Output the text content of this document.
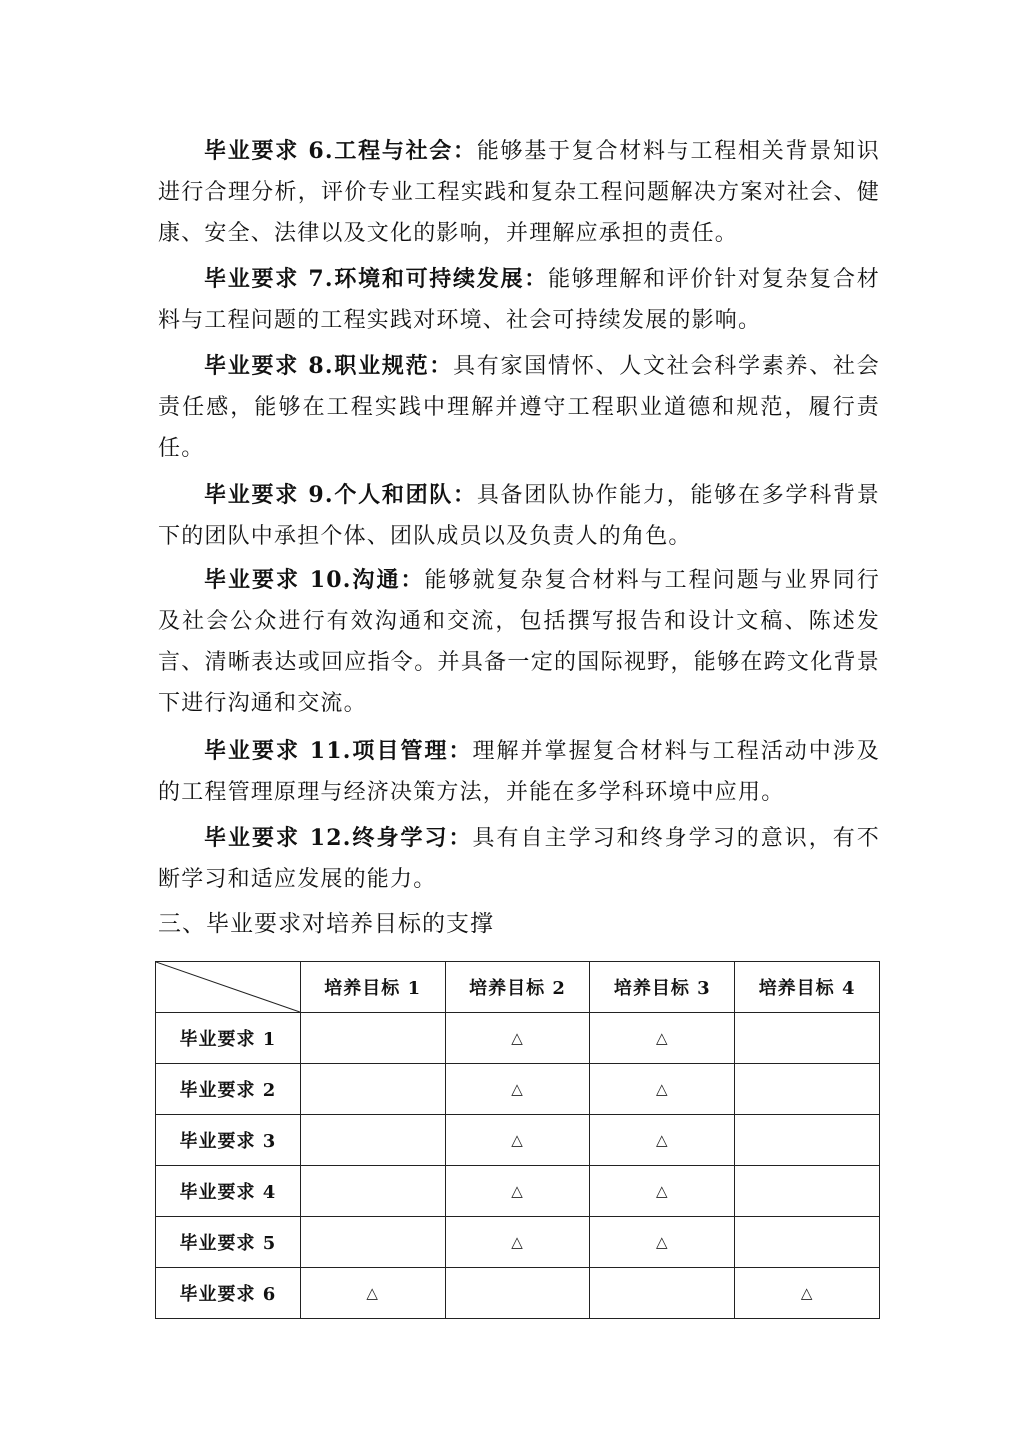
毕业要求 6.工程与社会：能够基于复合材料与工程相关背景知识进行合理分析，评价专业工程实践和复杂工程问题解决方案对社会、健康、安全、法律以及文化的影响，并理解应承担的责任。

毕业要求 7.环境和可持续发展：能够理解和评价针对复杂复合材料与工程问题的工程实践对环境、社会可持续发展的影响。

毕业要求 8.职业规范：具有家国情怀、人文社会科学素养、社会责任感，能够在工程实践中理解并遵守工程职业道德和规范，履行责任。

毕业要求 9.个人和团队：具备团队协作能力，能够在多学科背景下的团队中承担个体、团队成员以及负责人的角色。

毕业要求 10.沟通：能够就复杂复合材料与工程问题与业界同行及社会公众进行有效沟通和交流，包括撰写报告和设计文稿、陈述发言、清晰表达或回应指令。并具备一定的国际视野，能够在跨文化背景下进行沟通和交流。

毕业要求 11.项目管理：理解并掌握复合材料与工程活动中涉及的工程管理原理与经济决策方法，并能在多学科环境中应用。

毕业要求 12.终身学习：具有自主学习和终身学习的意识，有不断学习和适应发展的能力。

三、毕业要求对培养目标的支撑

	培养目标 1	培养目标 2	培养目标 3	培养目标 4
毕业要求 1		△	△	
毕业要求 2		△	△	
毕业要求 3		△	△	
毕业要求 4		△	△	
毕业要求 5		△	△	
毕业要求 6	△			△
